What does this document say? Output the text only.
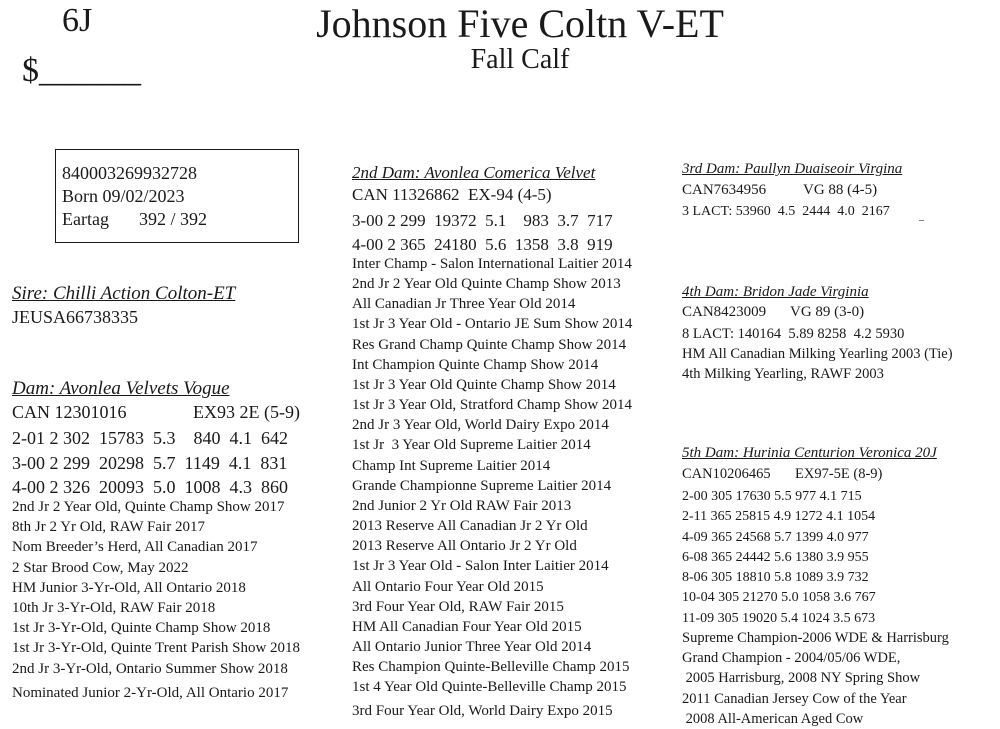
6J
$______
Johnson Five Coltn V-ET
Fall Calf
840003269932728
Born 09/02/2023
Eartag 392 / 392
Sire: Chilli Action Colton-ET
JEUSA66738335
Dam: Avonlea Velvets Vogue
CAN 12301016	EX93 2E (5-9)
2-01 2 302  15783  5.3    840  4.1  642
3-00 2 299  20298  5.7  1149  4.1  831
4-00 2 326  20093  5.0  1008  4.3  860
2nd Jr 2 Year Old, Quinte Champ Show 2017
8th Jr 2 Yr Old, RAW Fair 2017
Nom Breeder’s Herd, All Canadian 2017
2 Star Brood Cow, May 2022
HM Junior 3-Yr-Old, All Ontario 2018
10th Jr 3-Yr-Old, RAW Fair 2018
1st Jr 3-Yr-Old, Quinte Champ Show 2018
1st Jr 3-Yr-Old, Quinte Trent Parish Show 2018
2nd Jr 3-Yr-Old, Ontario Summer Show 2018
Nominated Junior 2-Yr-Old, All Ontario 2017
2nd Dam: Avonlea Comerica Velvet
CAN 11326862  EX-94 (4-5)
3-00 2 299  19372  5.1    983  3.7  717
4-00 2 365  24180  5.6  1358  3.8  919
Inter Champ - Salon International Laitier 2014
2nd Jr 2 Year Old Quinte Champ Show 2013
All Canadian Jr Three Year Old 2014
1st Jr 3 Year Old - Ontario JE Sum Show 2014
Res Grand Champ Quinte Champ Show 2014
Int Champion Quinte Champ Show 2014
1st Jr 3 Year Old Quinte Champ Show 2014
1st Jr 3 Year Old, Stratford Champ Show 2014
2nd Jr 3 Year Old, World Dairy Expo 2014
1st Jr  3 Year Old Supreme Laitier 2014
Champ Int Supreme Laitier 2014
Grande Championne Supreme Laitier 2014
2nd Junior 2 Yr Old RAW Fair 2013
2013 Reserve All Canadian Jr 2 Yr Old
2013 Reserve All Ontario Jr 2 Yr Old
1st Jr 3 Year Old - Salon Inter Laitier 2014
All Ontario Four Year Old 2015
3rd Four Year Old, RAW Fair 2015
HM All Canadian Four Year Old 2015
All Ontario Junior Three Year Old 2014
Res Champion Quinte-Belleville Champ 2015
1st 4 Year Old Quinte-Belleville Champ 2015
3rd Four Year Old, World Dairy Expo 2015
3rd Dam: Paullyn Duaiseoir Virgina
CAN7634956 VG 88 (4-5)
3 LACT: 53960  4.5  2444  4.0  2167	_
4th Dam: Bridon Jade Virginia
CAN8423009 VG 89 (3-0)
8 LACT: 140164  5.89 8258  4.2 5930
HM All Canadian Milking Yearling 2003 (Tie)
4th Milking Yearling, RAWF 2003
5th Dam: Hurinia Centurion Veronica 20J
CAN10206465 EX97-5E (8-9)
2-00 305 17630 5.5 977 4.1 715
2-11 365 25815 4.9 1272 4.1 1054
4-09 365 24568 5.7 1399 4.0 977
6-08 365 24442 5.6 1380 3.9 955
8-06 305 18810 5.8 1089 3.9 732
10-04 305 21270 5.0 1058 3.6 767
11-09 305 19020 5.4 1024 3.5 673
Supreme Champion-2006 WDE & Harrisburg
Grand Champion - 2004/05/06 WDE,
2005 Harrisburg, 2008 NY Spring Show
2011 Canadian Jersey Cow of the Year
2008 All-American Aged Cow
